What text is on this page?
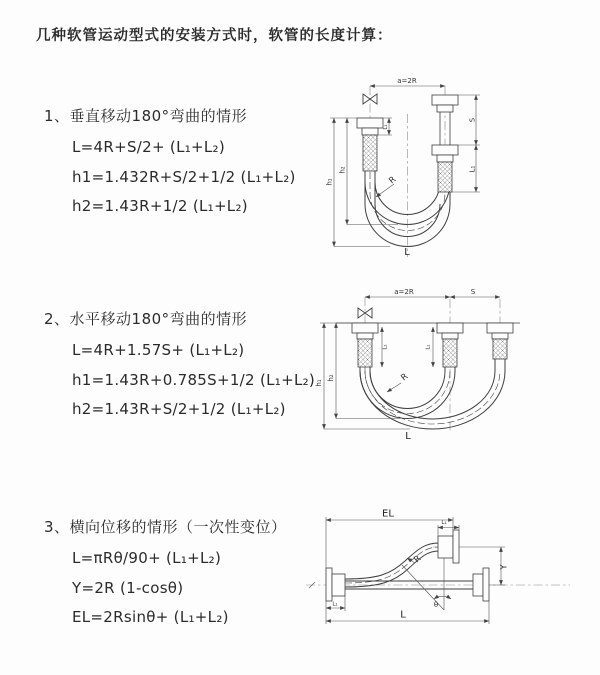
几种软管运动型式的安装方式时，软管的长度计算：
1、垂直移动180°弯曲的情形
L=4R+S/2+ (L₁+L₂)
h1=1.432R+S/2+1/2 (L₁+L₂)
h2=1.43R+1/2 (L₁+L₂)
a=2R
S
L₁
L₁
h₁
h₂
R
L
2、水平移动180°弯曲的情形
L=4R+1.57S+ (L₁+L₂)
h1=1.43R+0.785S+1/2 (L₁+L₂)
h2=1.43R+S/2+1/2 (L₁+L₂)
a=2R	S
L₁	L₁
h₁
h₂	R
L
3、横向位移的情形（一次性变位）
L=πRθ/90+ (L₁+L₂)
Y=2R (1-cosθ)
EL=2Rsinθ+ (L₁+L₂)
EL
L₁
Y
R
θ
L
L₁
